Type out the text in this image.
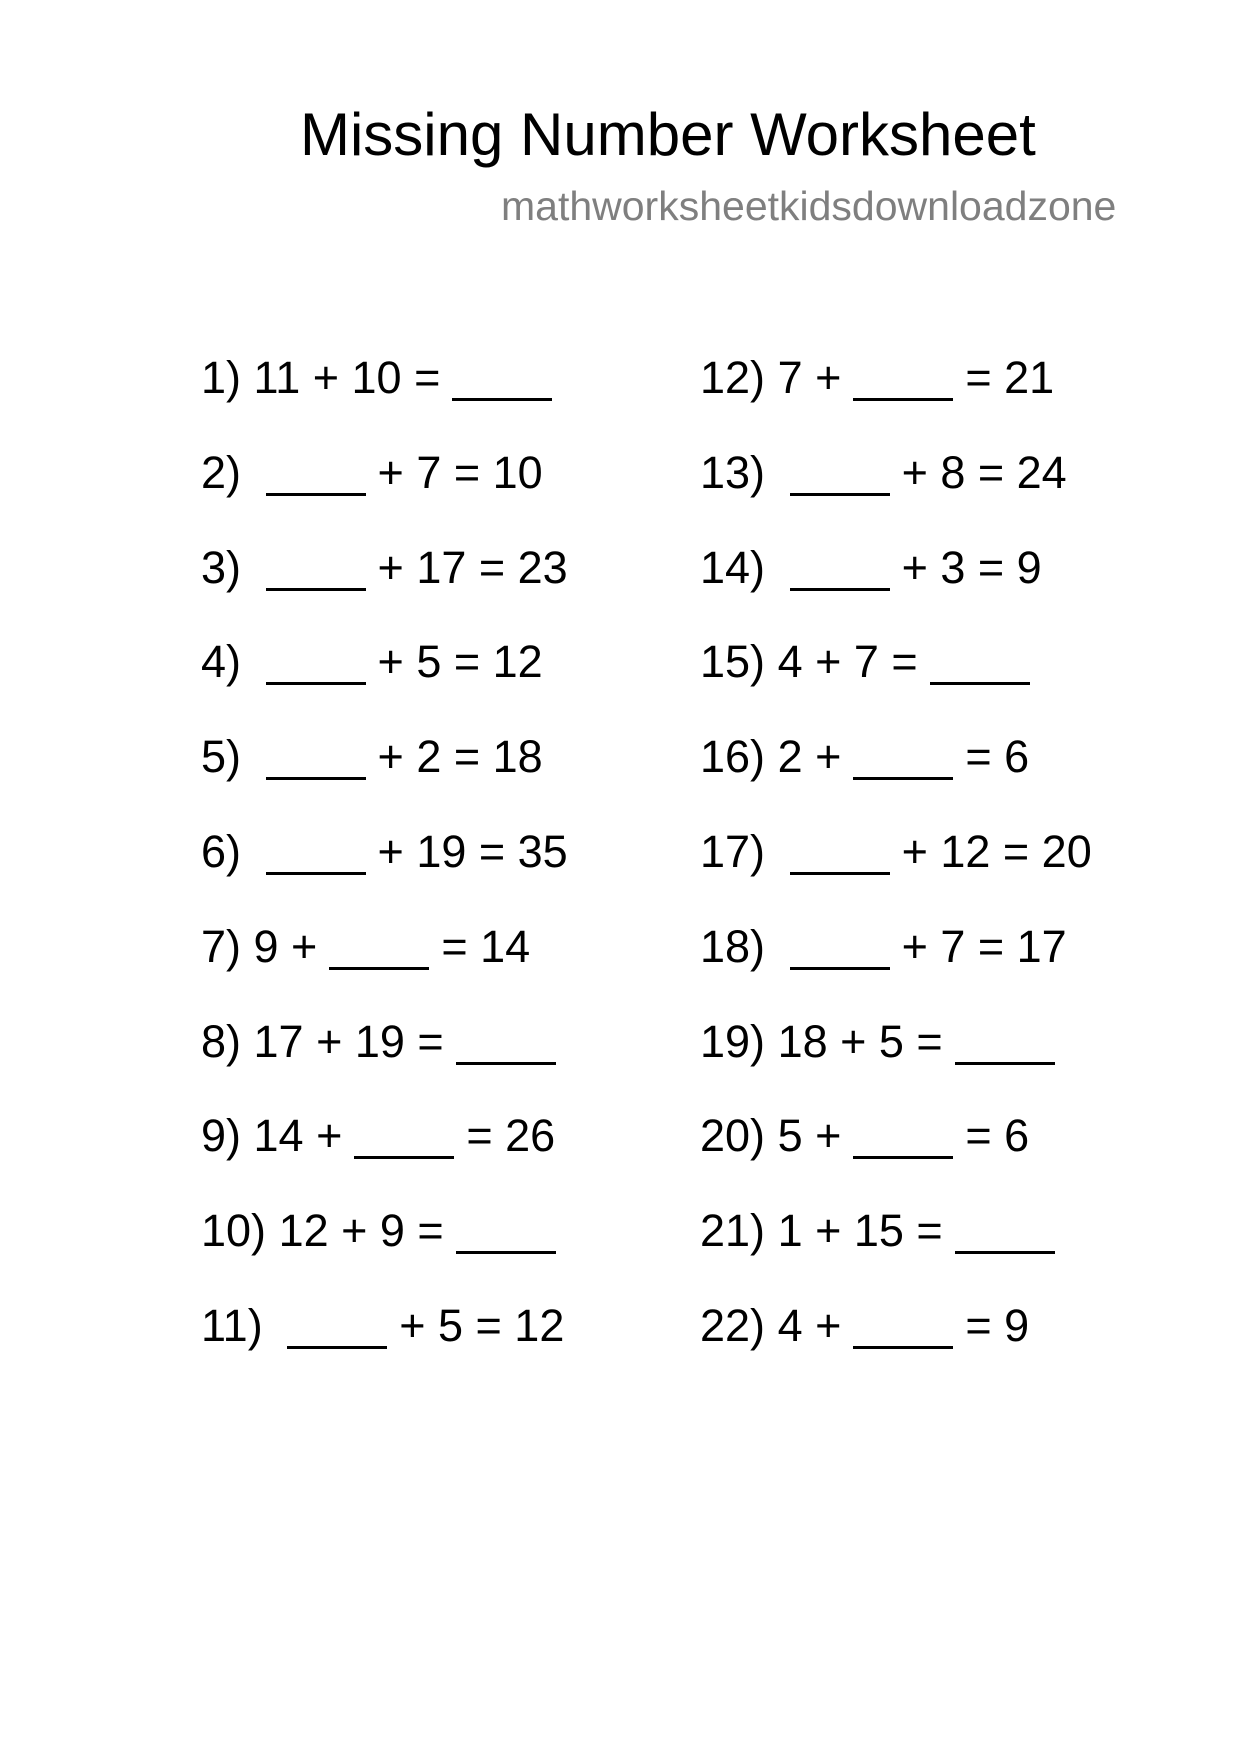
Missing Number Worksheet
mathworksheetkidsdownloadzone
1) 11 + 10 =
2)	+ 7 = 10
3)	+ 17 = 23
4)	+ 5 = 12
5)	+ 2 = 18
6)	+ 19 = 35
7) 9 +	= 14
8) 17 + 19 =
9) 14 +	= 26
10) 12 + 9 =
11)	+ 5 = 12
12) 7 +	= 21
13)	+ 8 = 24
14)	+ 3 = 9
15) 4 + 7 =
16) 2 +	= 6
17)	+ 12 = 20
18)	+ 7 = 17
19) 18 + 5 =
20) 5 +	= 6
21) 1 + 15 =
22) 4 +	= 9
